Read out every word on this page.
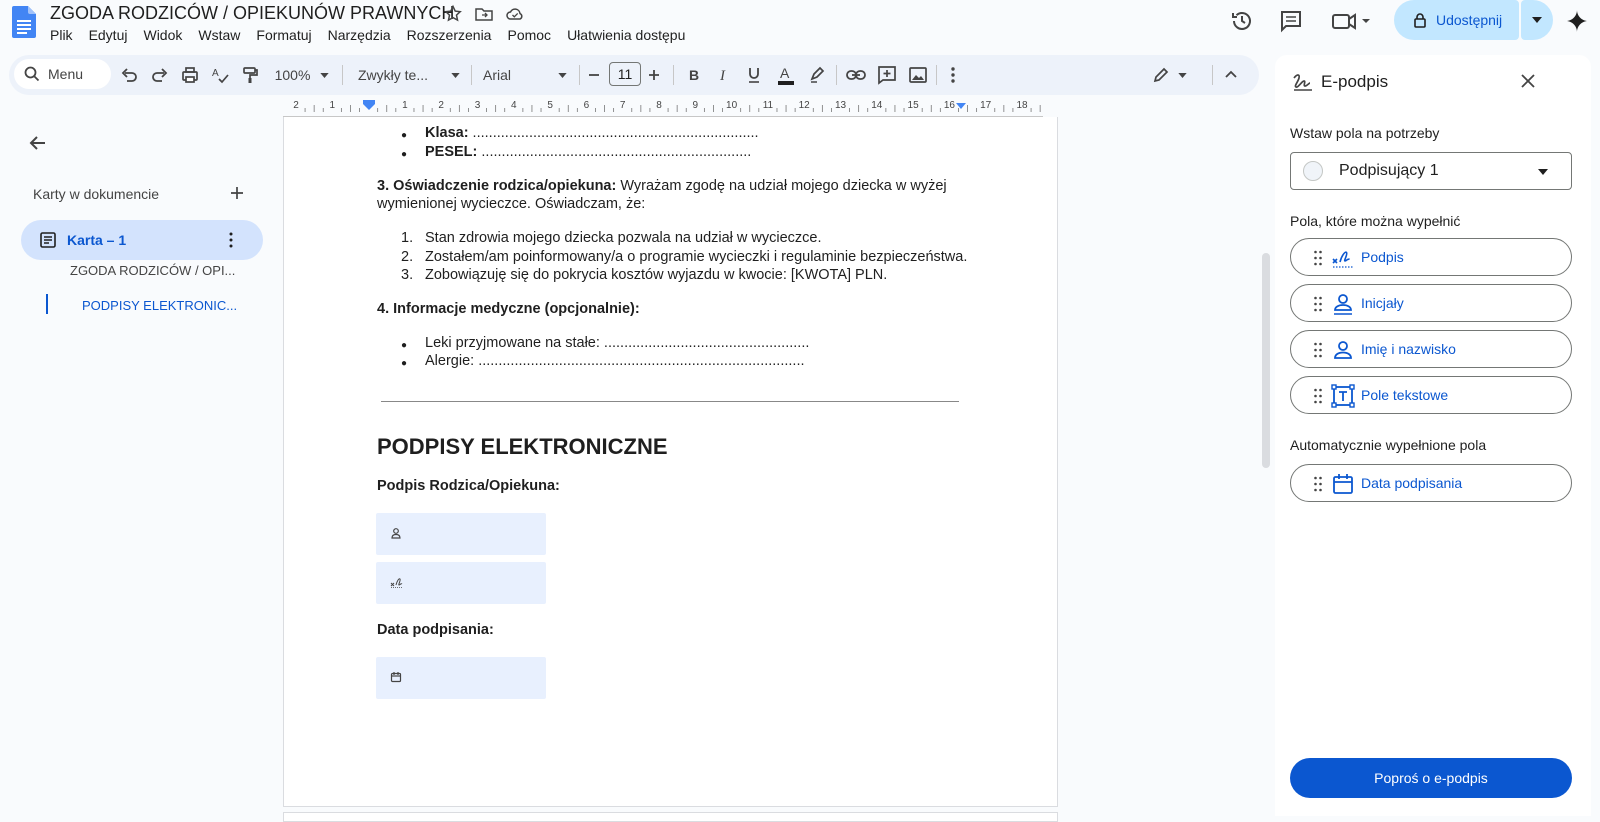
ZGODA RODZICÓW / OPIEKUNÓW PRAWNYCH
Plik	Edytuj	Widok	Wstaw	Formatuj	Narzędzia	Rozszerzenia	Pomoc	Ułatwienia dostępu
Udostępnij
Menu	A	100%	Zwykły te...	Arial	11	B I	A
2	1	1	2	3	4	5	6	7	8	9	10	11	12	13	14	15	16	17	18
Karty w dokumencie
Karta – 1
ZGODA RODZICÓW / OPI...
PODPISY ELEKTRONIC...
● Klasa: .......................................................................
● PESEL: ...................................................................
3. Oświadczenie rodzica/opiekuna: Wyrażam zgodę na udział mojego dziecka w wyżej
wymienionej wycieczce. Oświadczam, że:
1. Stan zdrowia mojego dziecka pozwala na udział w wycieczce.
2. Zostałem/am poinformowany/a o programie wycieczki i regulaminie bezpieczeństwa.
3. Zobowiązuję się do pokrycia kosztów wyjazdu w kwocie: [KWOTA] PLN.
4. Informacje medyczne (opcjonalnie):
● Leki przyjmowane na stałe: ...................................................
● Alergie: .................................................................................
PODPISY ELEKTRONICZNE
Podpis Rodzica/Opiekuna:
Data podpisania:
E-podpis
Wstaw pola na potrzeby
Podpisujący 1
Pola, które można wypełnić
Podpis
Inicjały
Imię i nazwisko
Pole tekstowe
Automatycznie wypełnione pola
Data podpisania
Poproś o e-podpis
